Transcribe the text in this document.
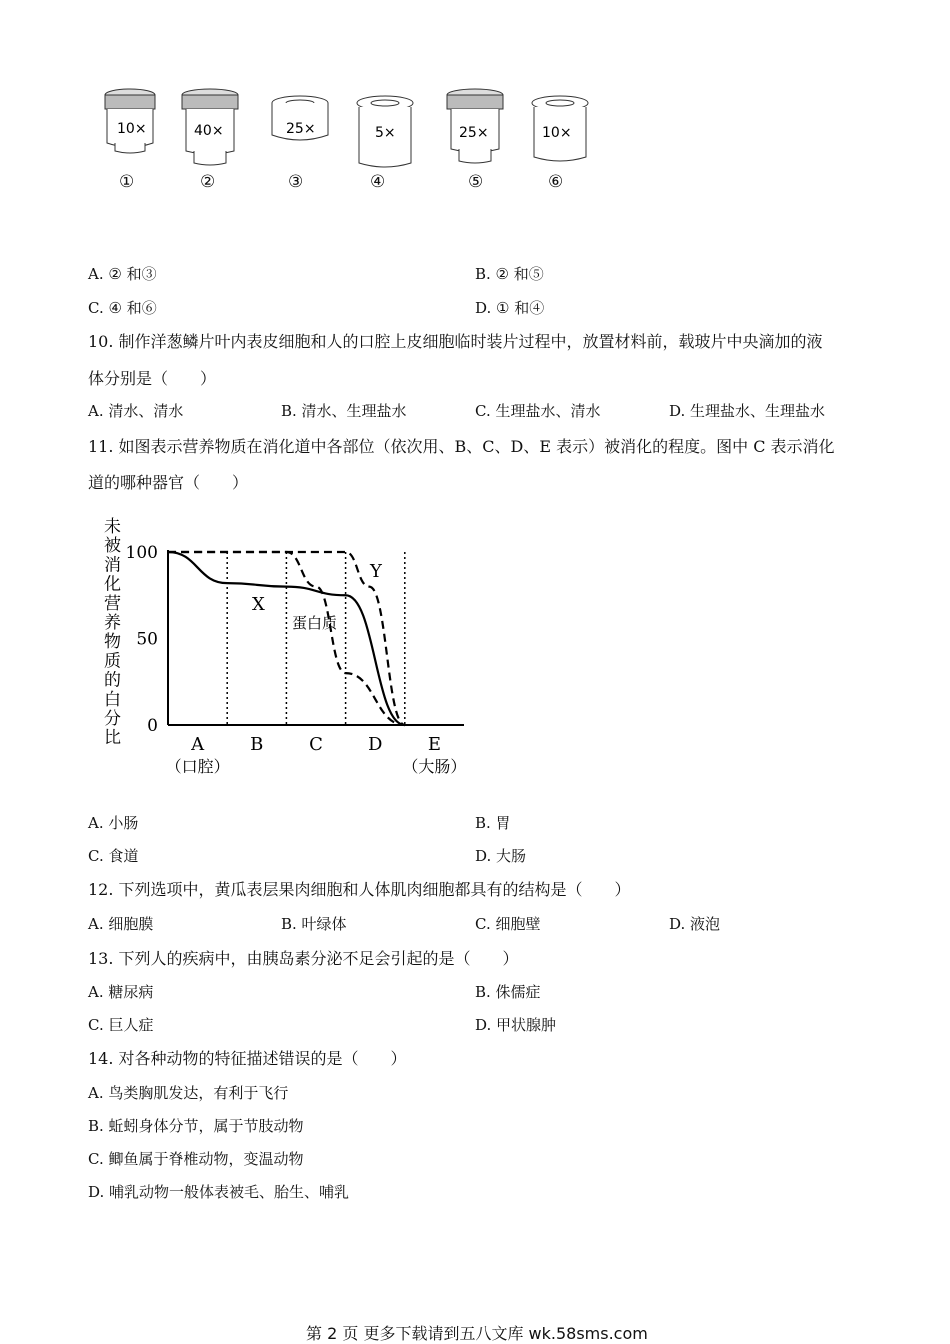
10×	40×	25×	5×	25×	10×
①	②	③	④	⑤	⑥
A. ② 和③	B. ② 和⑤
C. ④ 和⑥	D. ① 和④
10. 制作洋葱鳞片叶内表皮细胞和人的口腔上皮细胞临时装片过程中，放置材料前，载玻片中央滴加的液
体分别是（　　）
A. 清水、清水	B. 清水、生理盐水	C. 生理盐水、清水	D. 生理盐水、生理盐水
11. 如图表示营养物质在消化道中各部位（依次用、B、C、D、E 表示）被消化的程度。图中 C 表示消化
道的哪种器官（　　）
未
被
消
化
营
养
物
质
的
白
分
比
100
50
0
A
（口腔）
B	C	D	E
（大肠）
X
蛋白质
Y
A. 小肠	B. 胃
C. 食道	D. 大肠
12. 下列选项中，黄瓜表层果肉细胞和人体肌肉细胞都具有的结构是（　　）
A. 细胞膜	B. 叶绿体	C. 细胞壁	D. 液泡
13. 下列人的疾病中，由胰岛素分泌不足会引起的是（　　）
A. 糖尿病	B. 侏儒症
C. 巨人症	D. 甲状腺肿
14. 对各种动物的特征描述错误的是（　　）
A. 鸟类胸肌发达，有利于飞行
B. 蚯蚓身体分节，属于节肢动物
C. 鲫鱼属于脊椎动物，变温动物
D. 哺乳动物一般体表被毛、胎生、哺乳
第 2 页 更多下载请到五八文库 wk.58sms.com
